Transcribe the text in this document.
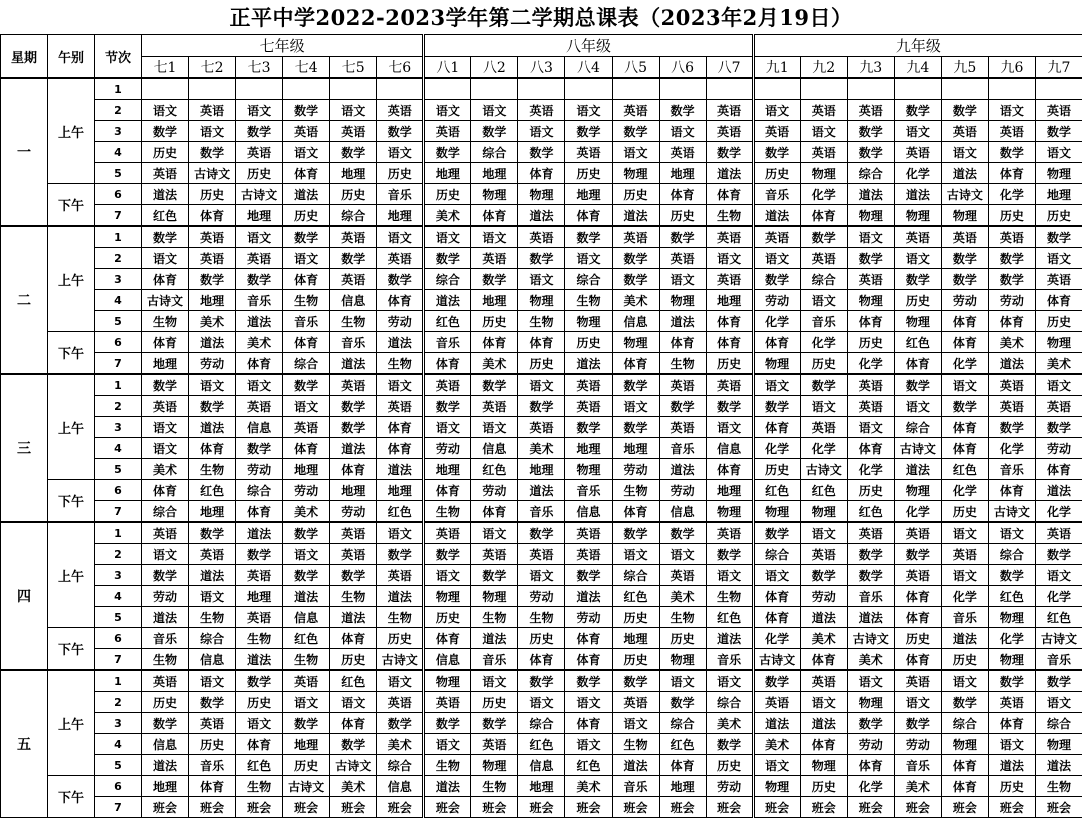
正平中学2022-2023学年第二学期总课表（2023年2月19日）
星期	午别	节次	七年级						八年级							九年级						
			七1	七2	七3	七4	七5	七6	八1	八2	八3	八4	八5	八6	八7	九1	九2	九3	九4	九5	九6	九7
一	上午	1																				
		2	语文	英语	语文	数学	语文	英语	语文	语文	英语	语文	英语	数学	英语	语文	英语	英语	数学	数学	语文	英语
		3	数学	语文	数学	英语	英语	数学	英语	数学	语文	数学	数学	语文	英语	英语	语文	数学	语文	英语	英语	数学
		4	历史	数学	英语	语文	数学	语文	数学	综合	数学	英语	语文	英语	数学	数学	英语	数学	英语	语文	数学	语文
		5	英语	古诗文	历史	体育	地理	历史	地理	地理	体育	历史	物理	地理	道法	历史	物理	综合	化学	道法	体育	物理
	下午	6	道法	历史	古诗文	道法	历史	音乐	历史	物理	物理	地理	历史	体育	体育	音乐	化学	道法	道法	古诗文	化学	地理
		7	红色	体育	地理	历史	综合	地理	美术	体育	道法	体育	道法	历史	生物	道法	体育	物理	物理	物理	历史	历史
二	上午	1	数学	英语	语文	数学	英语	语文	语文	语文	英语	数学	英语	数学	英语	英语	数学	语文	英语	英语	英语	数学
		2	语文	英语	英语	语文	数学	英语	数学	英语	数学	语文	数学	英语	语文	语文	英语	数学	语文	数学	数学	语文
		3	体育	数学	数学	体育	英语	数学	综合	数学	语文	综合	数学	语文	英语	数学	综合	英语	数学	数学	数学	英语
		4	古诗文	地理	音乐	生物	信息	体育	道法	地理	物理	生物	美术	物理	地理	劳动	语文	物理	历史	劳动	劳动	体育
		5	生物	美术	道法	音乐	生物	劳动	红色	历史	生物	物理	信息	道法	体育	化学	音乐	体育	物理	体育	体育	历史
	下午	6	体育	道法	美术	体育	音乐	道法	音乐	体育	体育	历史	物理	体育	体育	体育	化学	历史	红色	体育	美术	物理
		7	地理	劳动	体育	综合	道法	生物	体育	美术	历史	道法	体育	生物	历史	物理	历史	化学	体育	化学	道法	美术
三	上午	1	数学	语文	语文	数学	英语	语文	英语	数学	语文	英语	数学	英语	英语	语文	数学	英语	数学	语文	英语	语文
		2	英语	数学	英语	语文	数学	英语	数学	英语	数学	英语	语文	数学	数学	数学	语文	英语	语文	数学	英语	英语
		3	语文	道法	信息	英语	数学	体育	语文	语文	英语	数学	数学	英语	语文	体育	英语	语文	综合	体育	数学	数学
		4	语文	体育	数学	体育	道法	体育	劳动	信息	美术	地理	地理	音乐	信息	化学	化学	体育	古诗文	体育	化学	劳动
		5	美术	生物	劳动	地理	体育	道法	地理	红色	地理	物理	劳动	道法	体育	历史	古诗文	化学	道法	红色	音乐	体育
	下午	6	体育	红色	综合	劳动	地理	地理	体育	劳动	道法	音乐	生物	劳动	地理	红色	红色	历史	物理	化学	体育	道法
		7	综合	地理	体育	美术	劳动	红色	生物	体育	音乐	信息	体育	信息	物理	物理	物理	红色	化学	历史	古诗文	化学
四	上午	1	英语	数学	道法	数学	英语	语文	英语	语文	数学	英语	数学	数学	英语	数学	语文	英语	英语	语文	语文	英语
		2	语文	英语	数学	语文	英语	数学	数学	英语	英语	英语	语文	语文	数学	综合	英语	数学	数学	英语	综合	数学
		3	数学	道法	英语	数学	数学	英语	语文	数学	语文	数学	综合	英语	语文	语文	数学	数学	英语	语文	数学	语文
		4	劳动	语文	地理	道法	生物	道法	物理	物理	劳动	道法	红色	美术	生物	体育	劳动	音乐	体育	化学	红色	化学
		5	道法	生物	英语	信息	道法	生物	历史	生物	生物	劳动	历史	生物	红色	体育	道法	道法	体育	音乐	物理	红色
	下午	6	音乐	综合	生物	红色	体育	历史	体育	道法	历史	体育	地理	历史	道法	化学	美术	古诗文	历史	道法	化学	古诗文
		7	生物	信息	道法	生物	历史	古诗文	信息	音乐	体育	体育	历史	物理	音乐	古诗文	体育	美术	体育	历史	物理	音乐
五	上午	1	英语	语文	数学	英语	红色	语文	物理	语文	数学	数学	数学	语文	语文	数学	英语	语文	英语	语文	数学	数学
		2	历史	数学	历史	语文	语文	英语	英语	历史	语文	语文	英语	数学	综合	英语	语文	物理	语文	数学	英语	语文
		3	数学	英语	语文	数学	体育	数学	数学	数学	综合	体育	语文	综合	美术	道法	道法	数学	数学	综合	体育	综合
		4	信息	历史	体育	地理	数学	美术	语文	英语	红色	语文	生物	红色	数学	美术	体育	劳动	劳动	物理	语文	物理
		5	道法	音乐	红色	历史	古诗文	综合	生物	物理	信息	红色	道法	体育	历史	语文	物理	体育	音乐	体育	道法	道法
	下午	6	地理	体育	生物	古诗文	美术	信息	道法	生物	地理	美术	音乐	地理	劳动	物理	历史	化学	美术	体育	历史	生物
		7	班会	班会	班会	班会	班会	班会	班会	班会	班会	班会	班会	班会	班会	班会	班会	班会	班会	班会	班会	班会
